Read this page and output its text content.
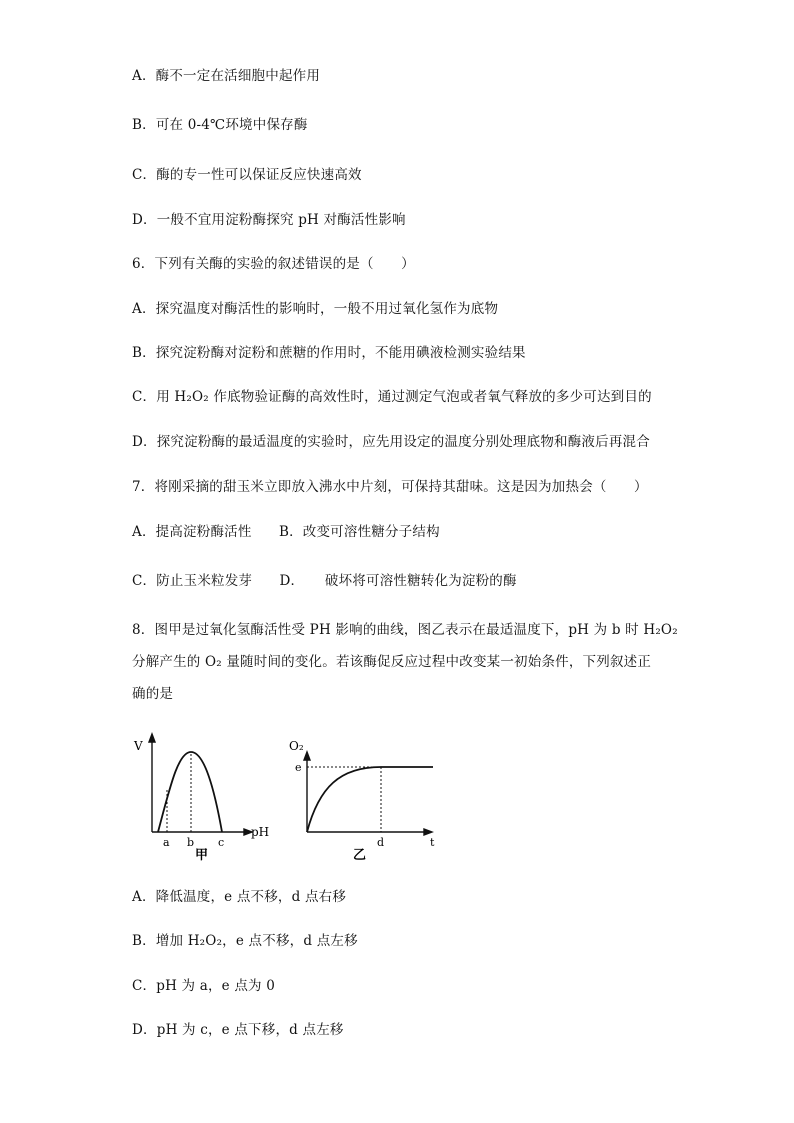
A．酶不一定在活细胞中起作用
B．可在 0-4℃环境中保存酶
C．酶的专一性可以保证反应快速高效
D．一般不宜用淀粉酶探究 pH 对酶活性影响
6．下列有关酶的实验的叙述错误的是（　　）
A．探究温度对酶活性的影响时，一般不用过氧化氢作为底物
B．探究淀粉酶对淀粉和蔗糖的作用时，不能用碘液检测实验结果
C．用 H₂O₂ 作底物验证酶的高效性时，通过测定气泡或者氧气释放的多少可达到目的
D．探究淀粉酶的最适温度的实验时，应先用设定的温度分别处理底物和酶液后再混合
7．将刚采摘的甜玉米立即放入沸水中片刻，可保持其甜味。这是因为加热会（　　）
A．提高淀粉酶活性　　B．改变可溶性糖分子结构
C．防止玉米粒发芽　　D．　　破坏将可溶性糖转化为淀粉的酶
8．图甲是过氧化氢酶活性受 PH 影响的曲线，图乙表示在最适温度下，pH 为 b 时 H₂O₂
分解产生的 O₂ 量随时间的变化。若该酶促反应过程中改变某一初始条件，下列叙述正
确的是
V
pH
a b c
甲
O₂
e
t
d
乙
A．降低温度，e 点不移，d 点右移
B．增加 H₂O₂，e 点不移，d 点左移
C．pH 为 a，e 点为 0
D．pH 为 c，e 点下移，d 点左移
